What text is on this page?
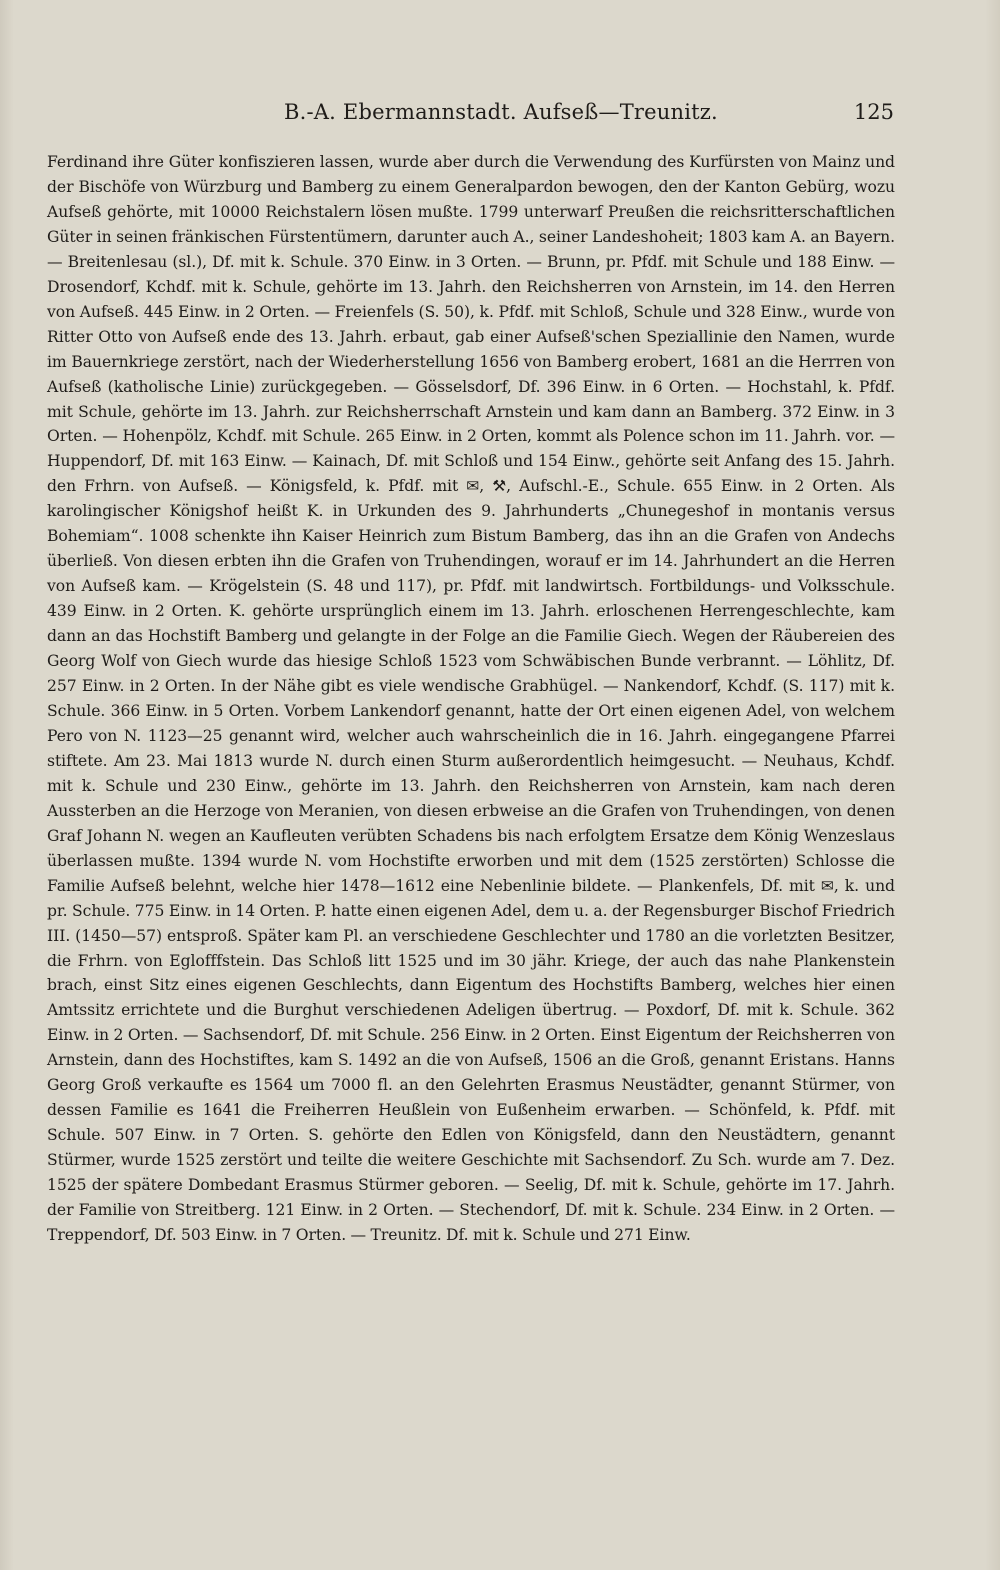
B.-A. Ebermannstadt. Aufseß—Treunitz.	125

Ferdinand ihre Güter konfiszieren lassen, wurde aber durch die Verwendung des Kurfürsten von Mainz und der Bischöfe von Würzburg und Bamberg zu einem Generalpardon bewogen, den der Kanton Gebürg, wozu Aufseß gehörte, mit 10000 Reichstalern lösen mußte. 1799 unterwarf Preußen die reichsritterschaftlichen Güter in seinen fränkischen Fürstentümern, darunter auch A., seiner Landeshoheit; 1803 kam A. an Bayern. — Breitenlesau (sl.), Df. mit k. Schule. 370 Einw. in 3 Orten. — Brunn, pr. Pfdf. mit Schule und 188 Einw. — Drosendorf, Kchdf. mit k. Schule, gehörte im 13. Jahrh. den Reichsherren von Arnstein, im 14. den Herren von Aufseß. 445 Einw. in 2 Orten. — Freienfels (S. 50), k. Pfdf. mit Schloß, Schule und 328 Einw., wurde von Ritter Otto von Aufseß ende des 13. Jahrh. erbaut, gab einer Aufseß'schen Speziallinie den Namen, wurde im Bauernkriege zerstört, nach der Wiederherstellung 1656 von Bamberg erobert, 1681 an die Herrren von Aufseß (katholische Linie) zurückgegeben. — Gösselsdorf, Df. 396 Einw. in 6 Orten. — Hochstahl, k. Pfdf. mit Schule, gehörte im 13. Jahrh. zur Reichsherrschaft Arnstein und kam dann an Bamberg. 372 Einw. in 3 Orten. — Hohenpölz, Kchdf. mit Schule. 265 Einw. in 2 Orten, kommt als Polence schon im 11. Jahrh. vor. — Huppendorf, Df. mit 163 Einw. — Kainach, Df. mit Schloß und 154 Einw., gehörte seit Anfang des 15. Jahrh. den Frhrn. von Aufseß. — Königsfeld, k. Pfdf. mit ✉, ⚒, Aufschl.-E., Schule. 655 Einw. in 2 Orten. Als karolingischer Königshof heißt K. in Urkunden des 9. Jahrhunderts „Chunegeshof in montanis versus Bohemiam“. 1008 schenkte ihn Kaiser Heinrich zum Bistum Bamberg, das ihn an die Grafen von Andechs überließ. Von diesen erbten ihn die Grafen von Truhendingen, worauf er im 14. Jahrhundert an die Herren von Aufseß kam. — Krögelstein (S. 48 und 117), pr. Pfdf. mit landwirtsch. Fortbildungs- und Volksschule. 439 Einw. in 2 Orten. K. gehörte ursprünglich einem im 13. Jahrh. erloschenen Herrengeschlechte, kam dann an das Hochstift Bamberg und gelangte in der Folge an die Familie Giech. Wegen der Räubereien des Georg Wolf von Giech wurde das hiesige Schloß 1523 vom Schwäbischen Bunde verbrannt. — Löhlitz, Df. 257 Einw. in 2 Orten. In der Nähe gibt es viele wendische Grabhügel. — Nankendorf, Kchdf. (S. 117) mit k. Schule. 366 Einw. in 5 Orten. Vorbem Lankendorf genannt, hatte der Ort einen eigenen Adel, von welchem Pero von N. 1123—25 genannt wird, welcher auch wahrscheinlich die in 16. Jahrh. eingegangene Pfarrei stiftete. Am 23. Mai 1813 wurde N. durch einen Sturm außerordentlich heimgesucht. — Neuhaus, Kchdf. mit k. Schule und 230 Einw., gehörte im 13. Jahrh. den Reichsherren von Arnstein, kam nach deren Aussterben an die Herzoge von Meranien, von diesen erbweise an die Grafen von Truhendingen, von denen Graf Johann N. wegen an Kaufleuten verübten Schadens bis nach erfolgtem Ersatze dem König Wenzeslaus überlassen mußte. 1394 wurde N. vom Hochstifte erworben und mit dem (1525 zerstörten) Schlosse die Familie Aufseß belehnt, welche hier 1478—1612 eine Nebenlinie bildete. — Plankenfels, Df. mit ✉, k. und pr. Schule. 775 Einw. in 14 Orten. P. hatte einen eigenen Adel, dem u. a. der Regensburger Bischof Friedrich III. (1450—57) entsproß. Später kam Pl. an verschiedene Geschlechter und 1780 an die vorletzten Besitzer, die Frhrn. von Eglofffstein. Das Schloß litt 1525 und im 30 jähr. Kriege, der auch das nahe Plankenstein brach, einst Sitz eines eigenen Geschlechts, dann Eigentum des Hochstifts Bamberg, welches hier einen Amtssitz errichtete und die Burghut verschiedenen Adeligen übertrug. — Poxdorf, Df. mit k. Schule. 362 Einw. in 2 Orten. — Sachsendorf, Df. mit Schule. 256 Einw. in 2 Orten. Einst Eigentum der Reichsherren von Arnstein, dann des Hochstiftes, kam S. 1492 an die von Aufseß, 1506 an die Groß, genannt Eristans. Hanns Georg Groß verkaufte es 1564 um 7000 fl. an den Gelehrten Erasmus Neustädter, genannt Stürmer, von dessen Familie es 1641 die Freiherren Heußlein von Eußenheim erwarben. — Schönfeld, k. Pfdf. mit Schule. 507 Einw. in 7 Orten. S. gehörte den Edlen von Königsfeld, dann den Neustädtern, genannt Stürmer, wurde 1525 zerstört und teilte die weitere Geschichte mit Sachsendorf. Zu Sch. wurde am 7. Dez. 1525 der spätere Dombedant Erasmus Stürmer geboren. — Seelig, Df. mit k. Schule, gehörte im 17. Jahrh. der Familie von Streitberg. 121 Einw. in 2 Orten. — Stechendorf, Df. mit k. Schule. 234 Einw. in 2 Orten. — Treppendorf, Df. 503 Einw. in 7 Orten. — Treunitz. Df. mit k. Schule und 271 Einw.
